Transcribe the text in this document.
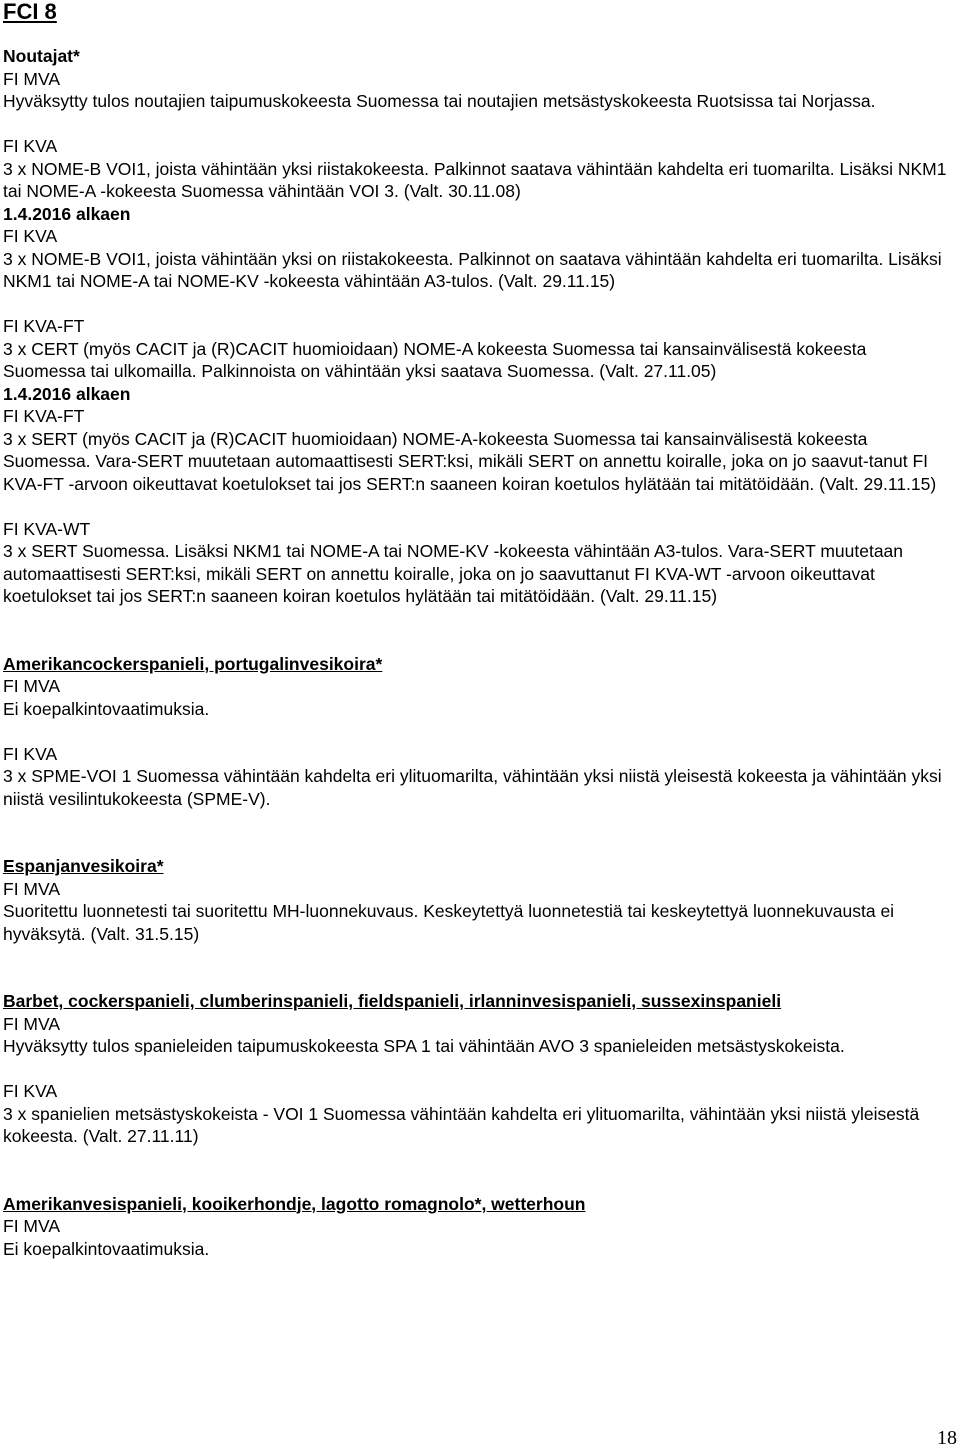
FCI 8
Noutajat*
FI MVA
Hyväksytty tulos noutajien taipumuskokeesta Suomessa tai noutajien metsästyskokeesta Ruotsissa tai Norjassa.
FI KVA
3 x NOME-B VOI1, joista vähintään yksi riistakokeesta. Palkinnot saatava vähintään kahdelta eri tuomarilta. Lisäksi NKM1 tai NOME-A -kokeesta Suomessa vähintään VOI 3. (Valt. 30.11.08)
1.4.2016 alkaen
FI KVA
3 x NOME-B VOI1, joista vähintään yksi on riistakokeesta. Palkinnot on saatava vähintään kahdelta eri tuomarilta. Lisäksi NKM1 tai NOME-A tai NOME-KV -kokeesta vähintään A3-tulos. (Valt. 29.11.15)
FI KVA-FT
3 x CERT (myös CACIT ja (R)CACIT huomioidaan) NOME-A kokeesta Suomessa tai kansainvälisestä kokeesta Suomessa tai ulkomailla. Palkinnoista on vähintään yksi saatava Suomessa. (Valt. 27.11.05)
1.4.2016 alkaen
FI KVA-FT
3 x SERT (myös CACIT ja (R)CACIT huomioidaan) NOME-A-kokeesta Suomessa tai kansainvälisestä kokeesta Suomessa. Vara-SERT muutetaan automaattisesti SERT:ksi, mikäli SERT on annettu koiralle, joka on jo saavut-tanut FI KVA-FT -arvoon oikeuttavat koetulokset tai jos SERT:n saaneen koiran koetulos hylätään tai mitätöidään. (Valt. 29.11.15)
FI KVA-WT
3 x SERT Suomessa. Lisäksi NKM1 tai NOME-A tai NOME-KV -kokeesta vähintään A3-tulos. Vara-SERT muutetaan automaattisesti SERT:ksi, mikäli SERT on annettu koiralle, joka on jo saavuttanut FI KVA-WT -arvoon oikeuttavat koetulokset tai jos SERT:n saaneen koiran koetulos hylätään tai mitätöidään. (Valt. 29.11.15)
Amerikancockerspanieli, portugalinvesikoira*
FI MVA
Ei koepalkintovaatimuksia.
FI KVA
3 x SPME-VOI 1 Suomessa vähintään kahdelta eri ylituomarilta, vähintään yksi niistä yleisestä kokeesta ja vähintään yksi niistä vesilintukokeesta (SPME-V).
Espanjanvesikoira*
FI MVA
Suoritettu luonnetesti tai suoritettu MH-luonnekuvaus. Keskeytettyä luonnetestiä tai keskeytettyä luonnekuvausta ei hyväksytä. (Valt. 31.5.15)
Barbet, cockerspanieli, clumberinspanieli, fieldspanieli, irlanninvesispanieli, sussexinspanieli
FI MVA
Hyväksytty tulos spanieleiden taipumuskokeesta SPA 1 tai vähintään AVO 3 spanieleiden metsästyskokeista.
FI KVA
3 x spanielien metsästyskokeista - VOI 1 Suomessa vähintään kahdelta eri ylituomarilta, vähintään yksi niistä yleisestä kokeesta. (Valt. 27.11.11)
Amerikanvesispanieli, kooikerhondje, lagotto romagnolo*, wetterhoun
FI MVA
Ei koepalkintovaatimuksia.
18
